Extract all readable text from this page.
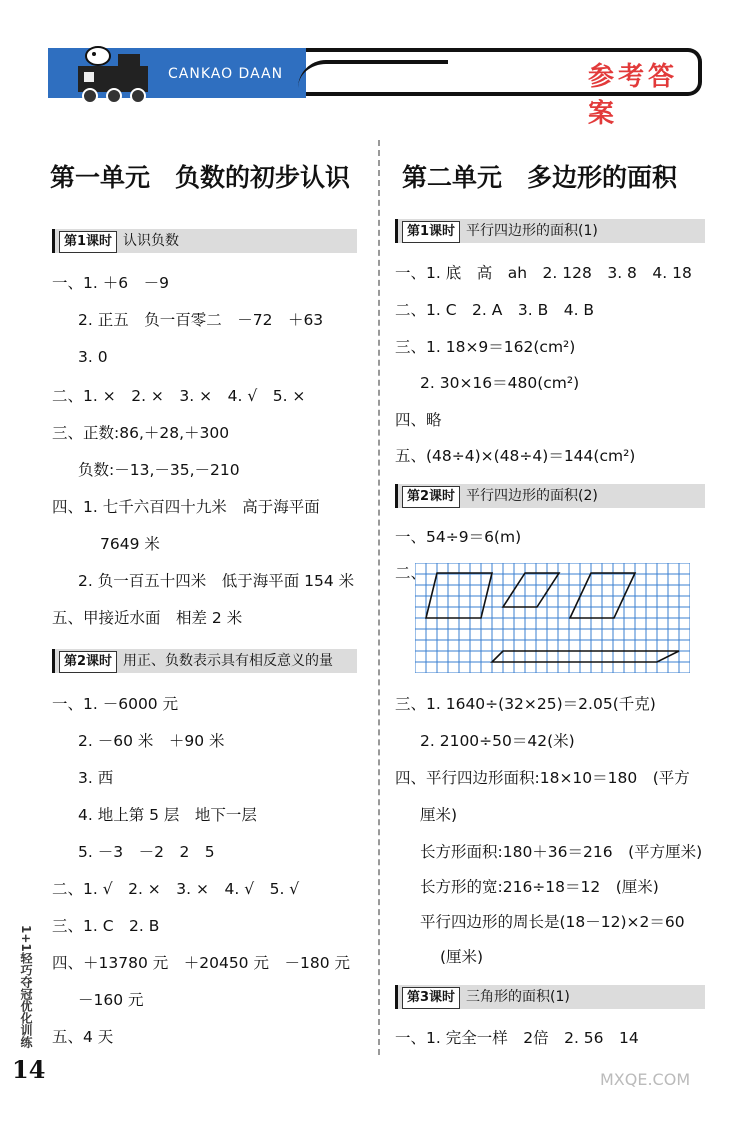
CANKAO DAAN	参考答案
第一单元　负数的初步认识
第1课时 认识负数
一、1. ＋6　－9
2. 正五　负一百零二　－72　＋63
3. 0
二、1. ×　2. ×　3. ×　4. √　5. ×
三、正数:86,＋28,＋300
负数:－13,－35,－210
四、1. 七千六百四十九米　高于海平面
7649 米
2. 负一百五十四米　低于海平面 154 米
五、甲接近水面　相差 2 米
第2课时 用正、负数表示具有相反意义的量
一、1. －6000 元
2. －60 米　＋90 米
3. 西
4. 地上第 5 层　地下一层
5. －3　－2　2　5
二、1. √　2. ×　3. ×　4. √　5. √
三、1. C　2. B
四、＋13780 元　＋20450 元　－180 元
－160 元
五、4 天
第二单元　多边形的面积
第1课时 平行四边形的面积(1)
一、1. 底　高　ah　2. 128　3. 8　4. 18
二、1. C　2. A　3. B　4. B
三、1. 18×9＝162(cm²)
2. 30×16＝480(cm²)
四、略
五、(48÷4)×(48÷4)＝144(cm²)
第2课时 平行四边形的面积(2)
一、54÷9＝6(m)
二、
三、1. 1640÷(32×25)＝2.05(千克)
2. 2100÷50＝42(米)
四、平行四边形面积:18×10＝180　(平方
厘米)
长方形面积:180＋36＝216　(平方厘米)
长方形的宽:216÷18＝12　(厘米)
平行四边形的周长是(18－12)×2＝60
(厘米)
第3课时 三角形的面积(1)
一、1. 完全一样　2倍　2. 56　14
1+1轻巧夺冠优化训练
14	MXQE.COM
